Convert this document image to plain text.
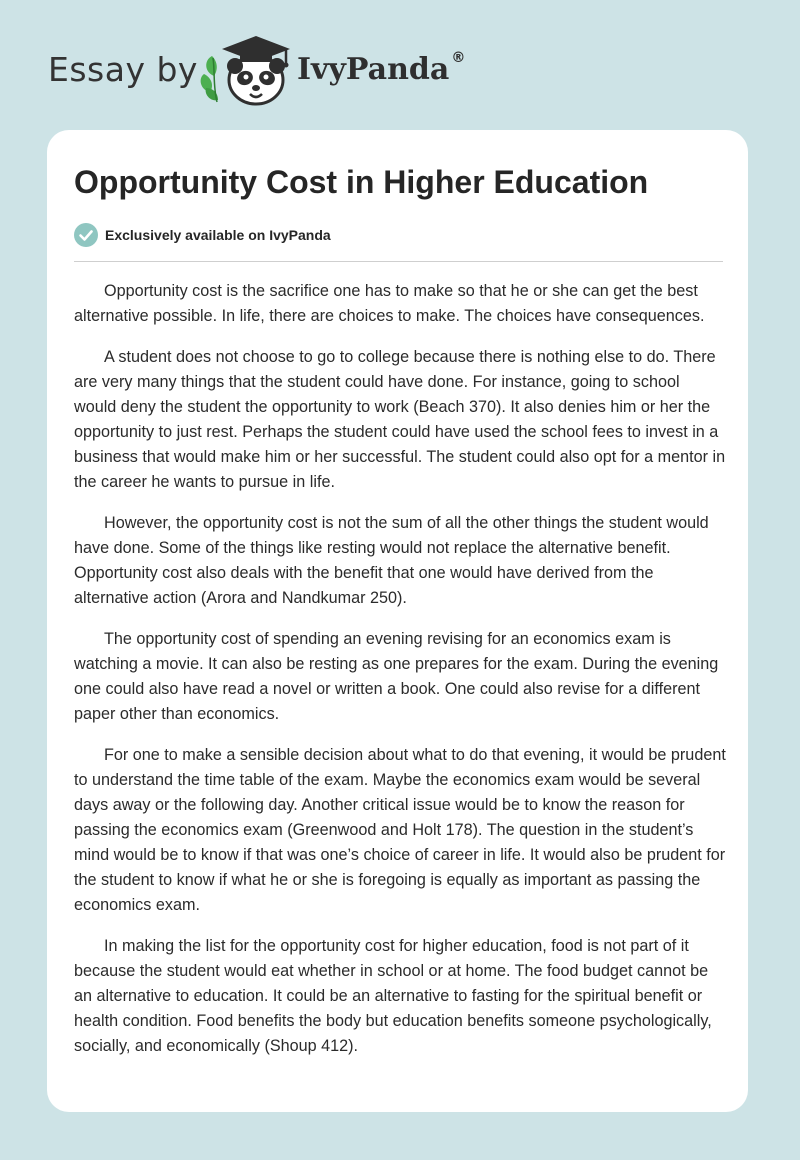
Essay by	IvyPanda ®
Opportunity Cost in Higher Education
Exclusively available on IvyPanda

Opportunity cost is the sacrifice one has to make so that he or she can get the best alternative possible. In life, there are choices to make. The choices have consequences.

A student does not choose to go to college because there is nothing else to do. There are very many things that the student could have done. For instance, going to school would deny the student the opportunity to work (Beach 370). It also denies him or her the opportunity to just rest. Perhaps the student could have used the school fees to invest in a business that would make him or her successful. The student could also opt for a mentor in the career he wants to pursue in life.

However, the opportunity cost is not the sum of all the other things the student would have done. Some of the things like resting would not replace the alternative benefit. Opportunity cost also deals with the benefit that one would have derived from the alternative action (Arora and Nandkumar 250).

The opportunity cost of spending an evening revising for an economics exam is watching a movie. It can also be resting as one prepares for the exam. During the evening one could also have read a novel or written a book. One could also revise for a different paper other than economics.

For one to make a sensible decision about what to do that evening, it would be prudent to understand the time table of the exam. Maybe the economics exam would be several days away or the following day. Another critical issue would be to know the reason for passing the economics exam (Greenwood and Holt 178). The question in the student’s mind would be to know if that was one’s choice of career in life. It would also be prudent for the student to know if what he or she is foregoing is equally as important as passing the economics exam.

In making the list for the opportunity cost for higher education, food is not part of it because the student would eat whether in school or at home. The food budget cannot be an alternative to education. It could be an alternative to fasting for the spiritual benefit or health condition. Food benefits the body but education benefits someone psychologically, socially, and economically (Shoup 412).
